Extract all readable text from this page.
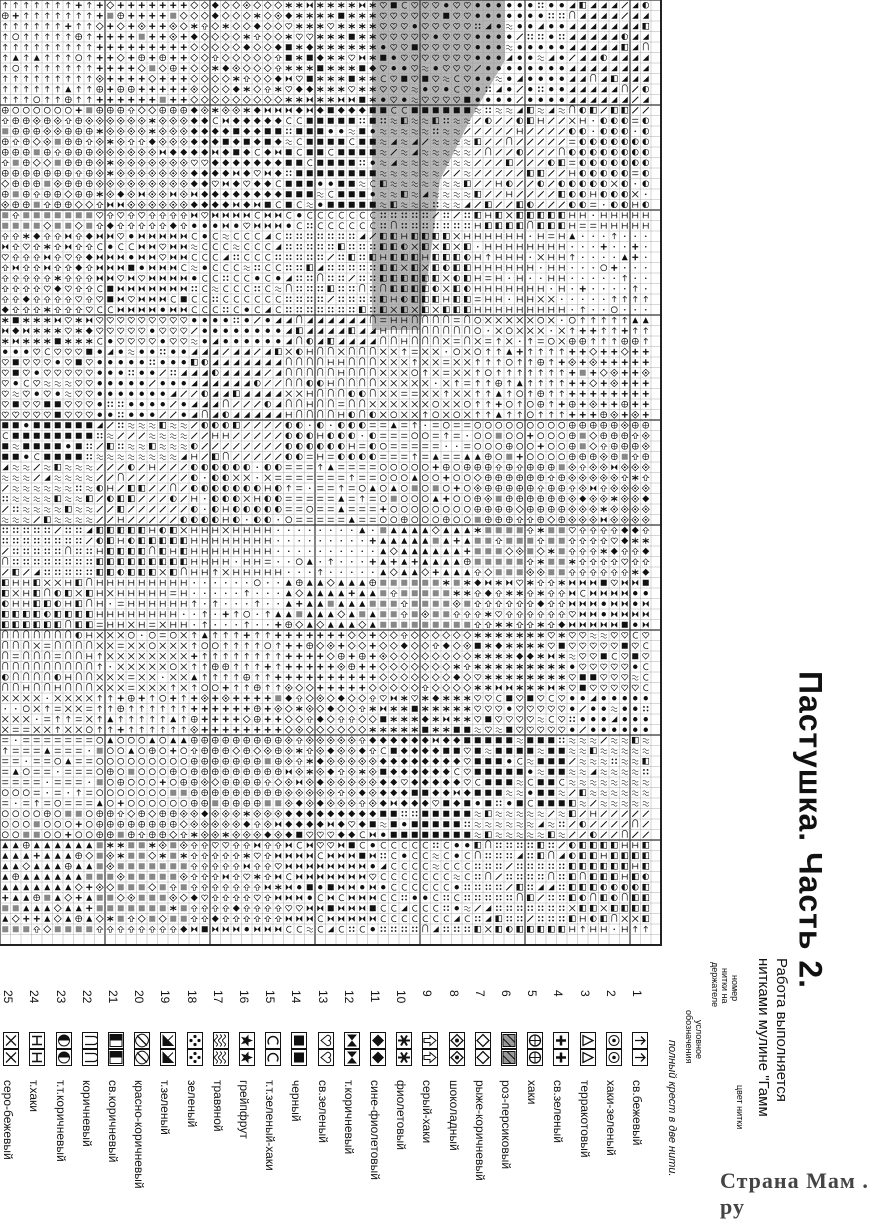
Пастушка. Часть 2.
Работа выполняется
нитками мулине "Гамм
номер
нитки на
держателе
условное
обозначения
цвет нитки
полный крест в две нити.
1
св.бежевый
2
хаки-зеленый
3
терракотовый
4
св.зеленый
5
хаки
6
роз-персиковый
7
рыже-коричневый
8
шоколадный
9
серый-хаки
10
фиолетовый
11
сине-фиолетовый
12
т.коричневый
13
св.зеленый
14
черный
15
т.т.зеленый-хаки
16
грейпфрут
17
травяной
18
зеленый
19
т.зеленый
20
красно-коричневый
21
св.коричневый
22
коричневый
23
т.т.коричневый
24
т.хаки
25
серо-бежевый
Страна Мам . ру
